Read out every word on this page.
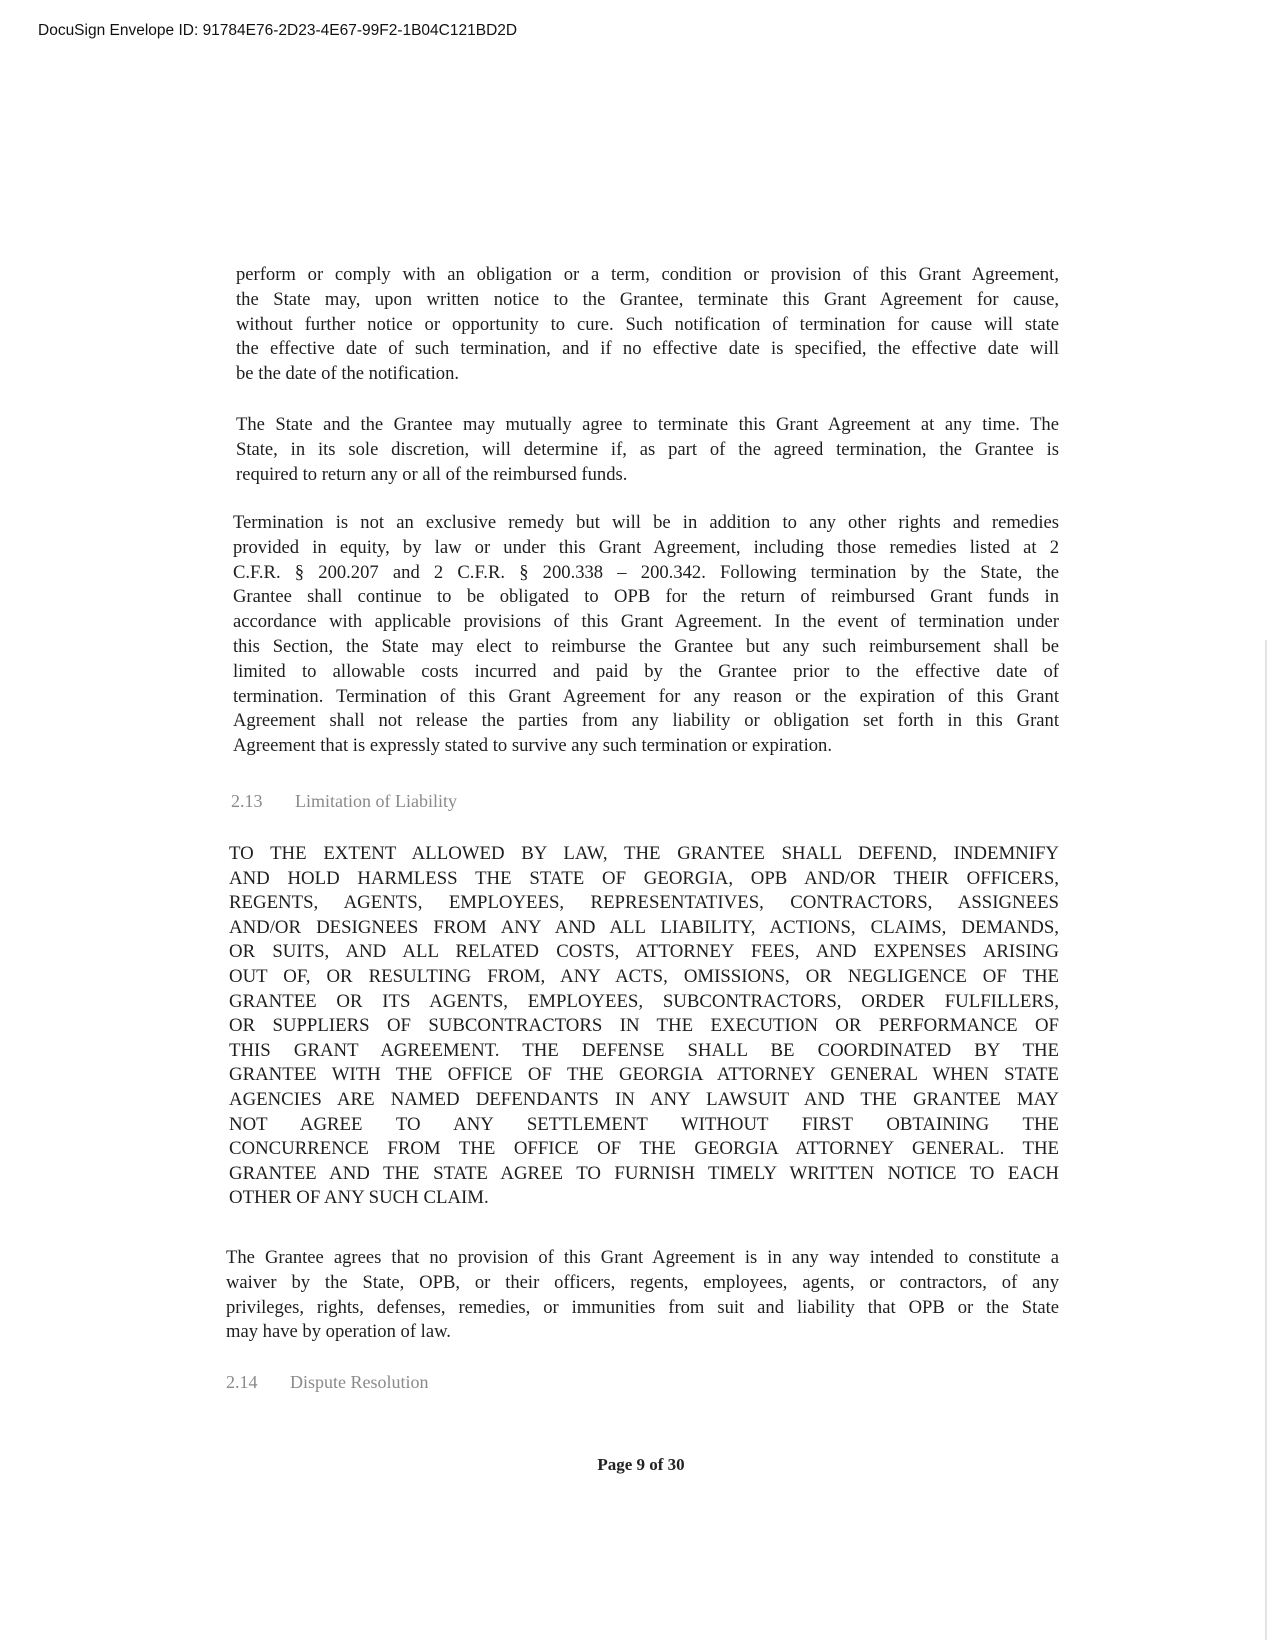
DocuSign Envelope ID: 91784E76-2D23-4E67-99F2-1B04C121BD2D
perform or comply with an obligation or a term, condition or provision of this Grant Agreement,
the State may, upon written notice to the Grantee, terminate this Grant Agreement for cause,
without further notice or opportunity to cure. Such notification of termination for cause will state
the effective date of such termination, and if no effective date is specified, the effective date will
be the date of the notification.
The State and the Grantee may mutually agree to terminate this Grant Agreement at any time. The
State, in its sole discretion, will determine if, as part of the agreed termination, the Grantee is
required to return any or all of the reimbursed funds.
Termination is not an exclusive remedy but will be in addition to any other rights and remedies
provided in equity, by law or under this Grant Agreement, including those remedies listed at 2
C.F.R. § 200.207 and 2 C.F.R. § 200.338 – 200.342. Following termination by the State, the
Grantee shall continue to be obligated to OPB for the return of reimbursed Grant funds in
accordance with applicable provisions of this Grant Agreement. In the event of termination under
this Section, the State may elect to reimburse the Grantee but any such reimbursement shall be
limited to allowable costs incurred and paid by the Grantee prior to the effective date of
termination. Termination of this Grant Agreement for any reason or the expiration of this Grant
Agreement shall not release the parties from any liability or obligation set forth in this Grant
Agreement that is expressly stated to survive any such termination or expiration.
2.13 Limitation of Liability
TO THE EXTENT ALLOWED BY LAW, THE GRANTEE SHALL DEFEND, INDEMNIFY
AND HOLD HARMLESS THE STATE OF GEORGIA, OPB AND/OR THEIR OFFICERS,
REGENTS, AGENTS, EMPLOYEES, REPRESENTATIVES, CONTRACTORS, ASSIGNEES
AND/OR DESIGNEES FROM ANY AND ALL LIABILITY, ACTIONS, CLAIMS, DEMANDS,
OR SUITS, AND ALL RELATED COSTS, ATTORNEY FEES, AND EXPENSES ARISING
OUT OF, OR RESULTING FROM, ANY ACTS, OMISSIONS, OR NEGLIGENCE OF THE
GRANTEE OR ITS AGENTS, EMPLOYEES, SUBCONTRACTORS, ORDER FULFILLERS,
OR SUPPLIERS OF SUBCONTRACTORS IN THE EXECUTION OR PERFORMANCE OF
THIS GRANT AGREEMENT. THE DEFENSE SHALL BE COORDINATED BY THE
GRANTEE WITH THE OFFICE OF THE GEORGIA ATTORNEY GENERAL WHEN STATE
AGENCIES ARE NAMED DEFENDANTS IN ANY LAWSUIT AND THE GRANTEE MAY
NOT AGREE TO ANY SETTLEMENT WITHOUT FIRST OBTAINING THE
CONCURRENCE FROM THE OFFICE OF THE GEORGIA ATTORNEY GENERAL. THE
GRANTEE AND THE STATE AGREE TO FURNISH TIMELY WRITTEN NOTICE TO EACH
OTHER OF ANY SUCH CLAIM.
The Grantee agrees that no provision of this Grant Agreement is in any way intended to constitute a
waiver by the State, OPB, or their officers, regents, employees, agents, or contractors, of any
privileges, rights, defenses, remedies, or immunities from suit and liability that OPB or the State
may have by operation of law.
2.14 Dispute Resolution
Page 9 of 30
